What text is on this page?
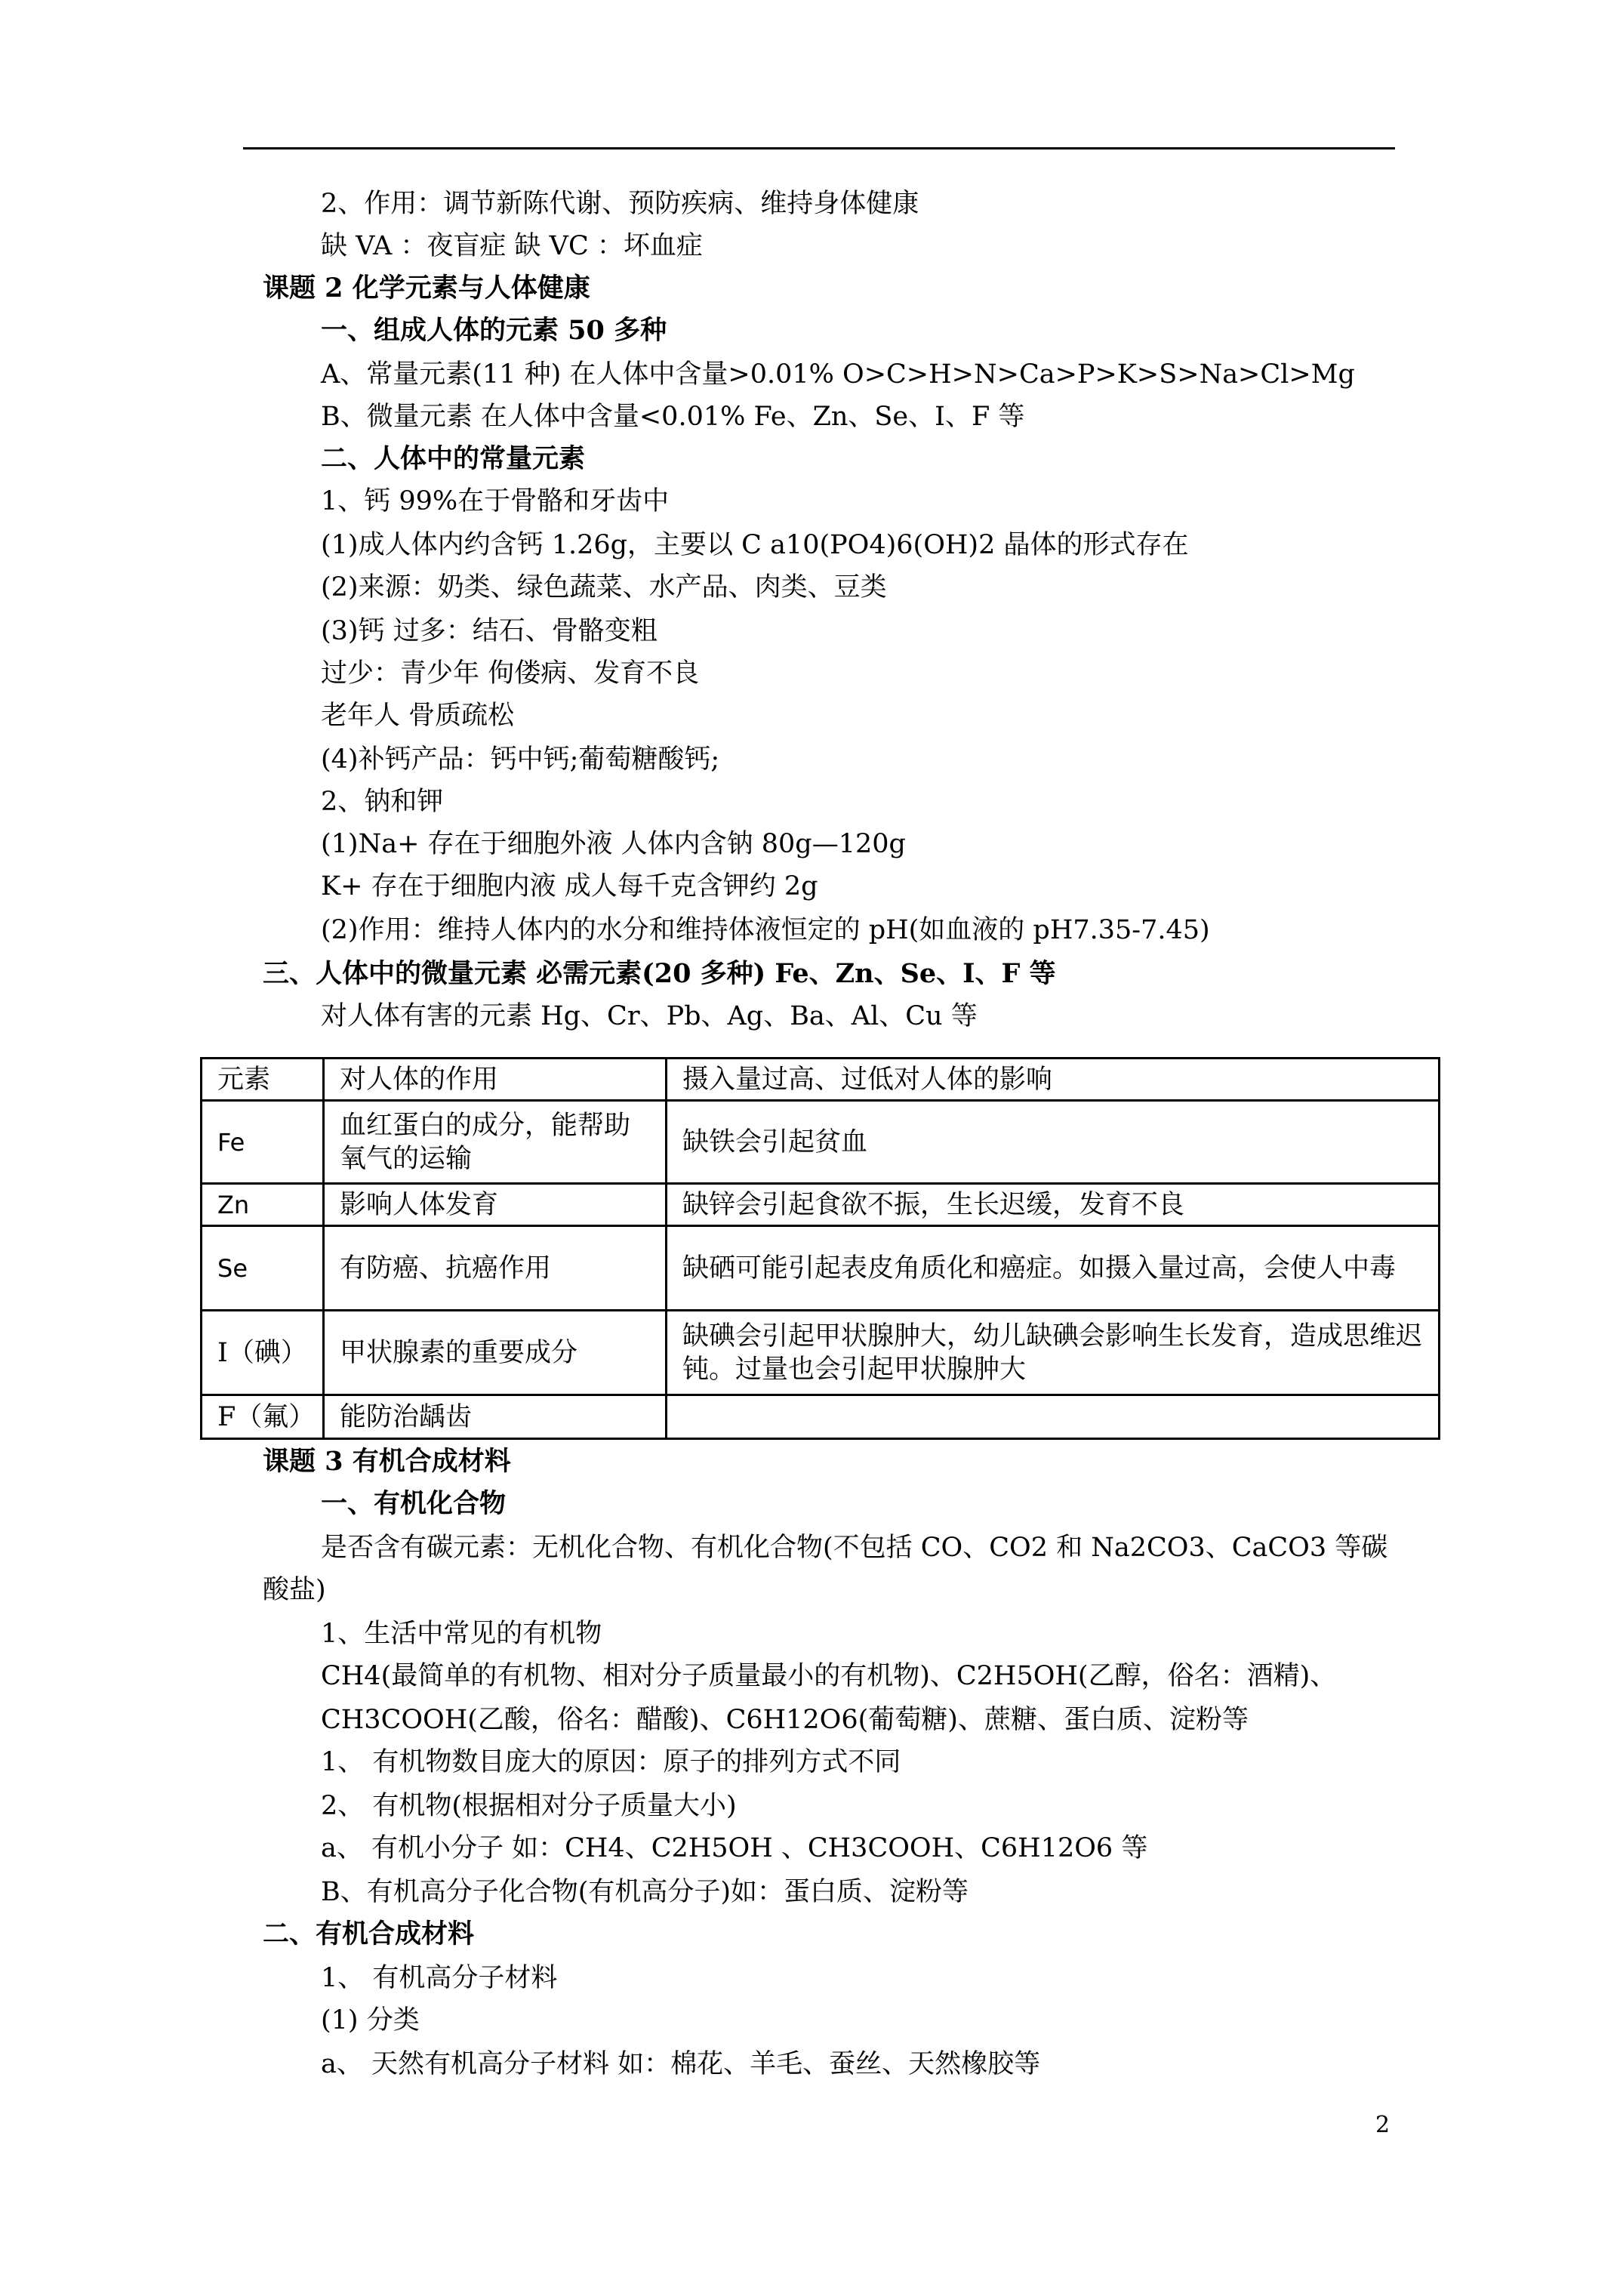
2、作用：调节新陈代谢、预防疾病、维持身体健康
缺 VA ：夜盲症 缺 VC ：坏血症
课题 2 化学元素与人体健康
一、组成人体的元素 50 多种
A、常量元素(11 种) 在人体中含量>0.01% O>C>H>N>Ca>P>K>S>Na>Cl>Mg
B、微量元素 在人体中含量<0.01% Fe、Zn、Se、I、F 等
二、人体中的常量元素
1、钙 99%在于骨骼和牙齿中
(1)成人体内约含钙 1.26g，主要以 C a10(PO4)6(OH)2 晶体的形式存在
(2)来源：奶类、绿色蔬菜、水产品、肉类、豆类
(3)钙 过多：结石、骨骼变粗
过少：青少年 佝偻病、发育不良
老年人 骨质疏松
(4)补钙产品：钙中钙;葡萄糖酸钙;
2、钠和钾
(1)Na+ 存在于细胞外液 人体内含钠 80g—120g
K+ 存在于细胞内液 成人每千克含钾约 2g
(2)作用：维持人体内的水分和维持体液恒定的 pH(如血液的 pH7.35-7.45)
三、人体中的微量元素 必需元素(20 多种) Fe、Zn、Se、I、F 等
对人体有害的元素 Hg、Cr、Pb、Ag、Ba、Al、Cu 等
课题 3 有机合成材料
一、有机化合物
是否含有碳元素：无机化合物、有机化合物(不包括 CO、CO2 和 Na2CO3、CaCO3 等碳
酸盐)
1、生活中常见的有机物
CH4(最简单的有机物、相对分子质量最小的有机物)、C2H5OH(乙醇，俗名：酒精)、
CH3COOH(乙酸，俗名：醋酸)、C6H12O6(葡萄糖)、蔗糖、蛋白质、淀粉等
1、 有机物数目庞大的原因：原子的排列方式不同
2、 有机物(根据相对分子质量大小)
a、 有机小分子 如：CH4、C2H5OH 、CH3COOH、C6H12O6 等
B、有机高分子化合物(有机高分子)如：蛋白质、淀粉等
二、有机合成材料
1、 有机高分子材料
(1) 分类
a、 天然有机高分子材料 如：棉花、羊毛、蚕丝、天然橡胶等
元素	对人体的作用	摄入量过高、过低对人体的影响
Fe	血红蛋白的成分，能帮助氧气的运输	缺铁会引起贫血
Zn	影响人体发育	缺锌会引起食欲不振，生长迟缓，发育不良
Se	有防癌、抗癌作用	缺硒可能引起表皮角质化和癌症。如摄入量过高，会使人中毒
I（碘）	甲状腺素的重要成分	缺碘会引起甲状腺肿大，幼儿缺碘会影响生长发育，造成思维迟钝。过量也会引起甲状腺肿大
F（氟）	能防治龋齿	
2
